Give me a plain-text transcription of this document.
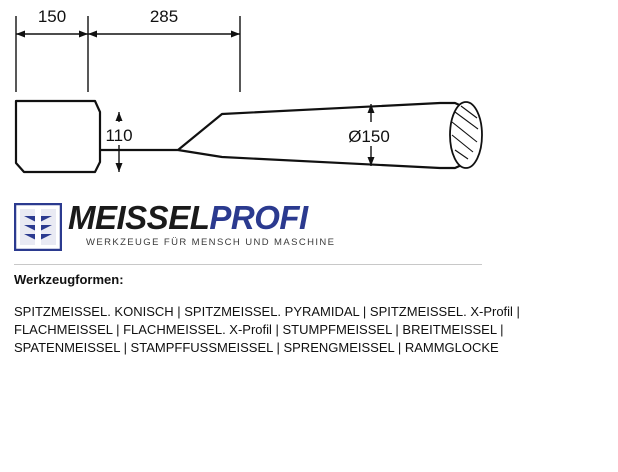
150	285
110	Ø150
MEISSELPROFI
WERKZEUGE FÜR MENSCH UND MASCHINE

Werkzeugformen:

SPITZMEISSEL. KONISCH | SPITZMEISSEL. PYRAMIDAL | SPITZMEISSEL. X-Profil |
FLACHMEISSEL | FLACHMEISSEL. X-Profil | STUMPFMEISSEL | BREITMEISSEL |
SPATENMEISSEL | STAMPFFUSSMEISSEL | SPRENGMEISSEL | RAMMGLOCKE
